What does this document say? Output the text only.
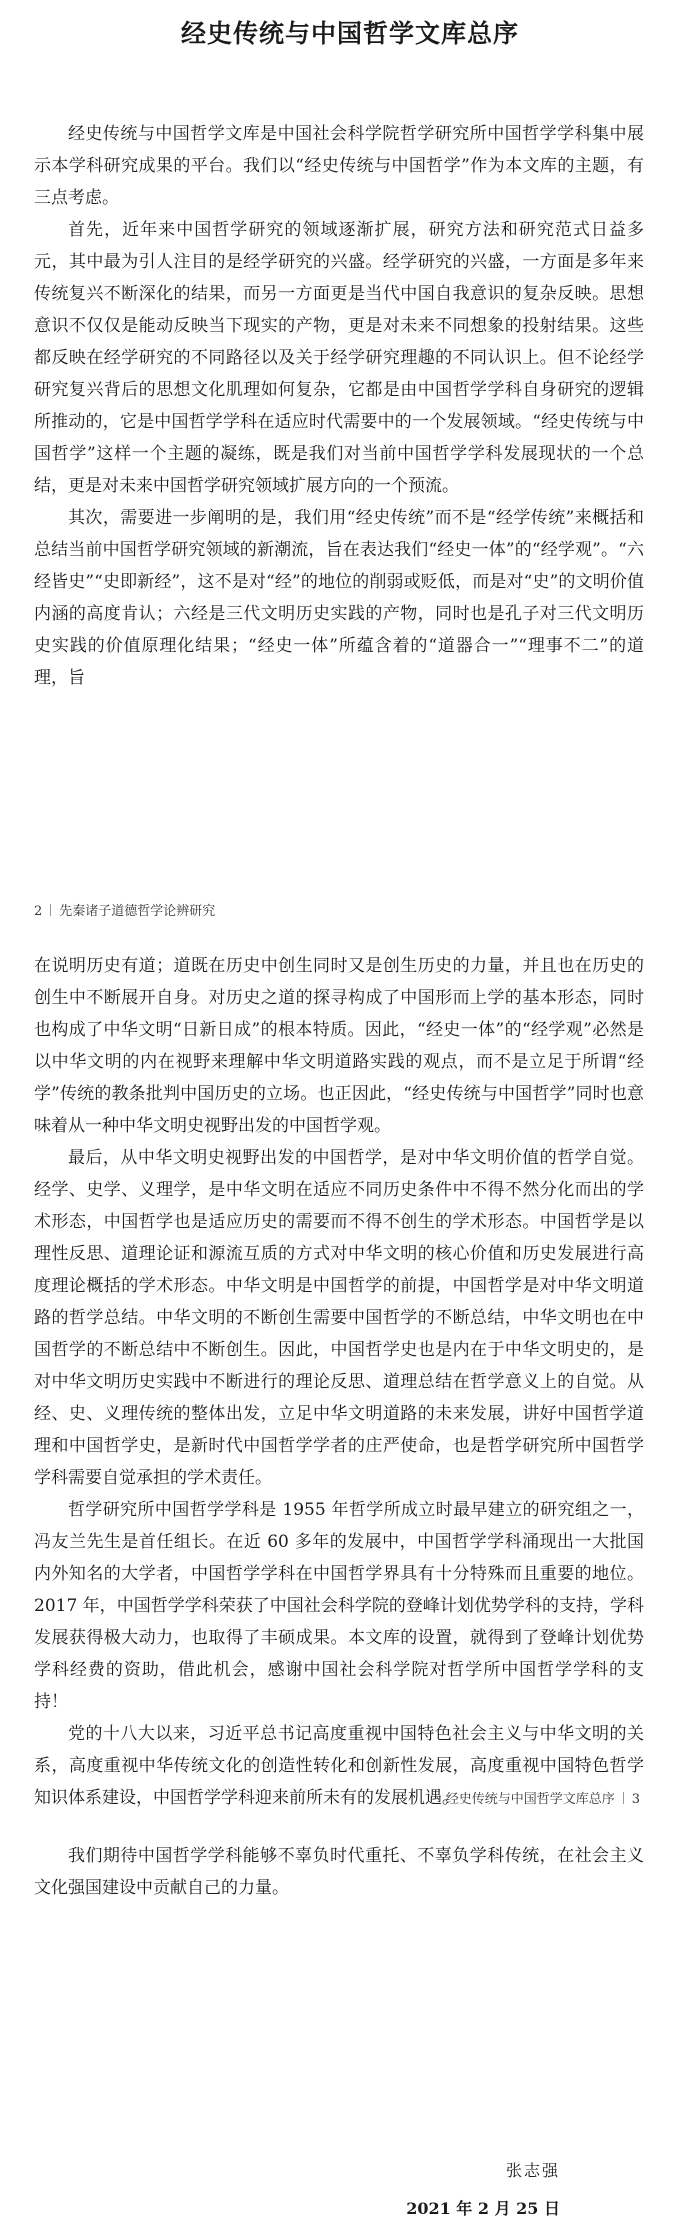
经史传统与中国哲学文库总序

经史传统与中国哲学文库是中国社会科学院哲学研究所中国哲学学科集中展示本学科研究成果的平台。我们以“经史传统与中国哲学”作为本文库的主题，有三点考虑。

首先，近年来中国哲学研究的领域逐渐扩展，研究方法和研究范式日益多元，其中最为引人注目的是经学研究的兴盛。经学研究的兴盛，一方面是多年来传统复兴不断深化的结果，而另一方面更是当代中国自我意识的复杂反映。思想意识不仅仅是能动反映当下现实的产物，更是对未来不同想象的投射结果。这些都反映在经学研究的不同路径以及关于经学研究理趣的不同认识上。但不论经学研究复兴背后的思想文化肌理如何复杂，它都是由中国哲学学科自身研究的逻辑所推动的，它是中国哲学学科在适应时代需要中的一个发展领域。“经史传统与中国哲学”这样一个主题的凝练，既是我们对当前中国哲学学科发展现状的一个总结，更是对未来中国哲学研究领域扩展方向的一个预流。

其次，需要进一步阐明的是，我们用“经史传统”而不是“经学传统”来概括和总结当前中国哲学研究领域的新潮流，旨在表达我们“经史一体”的“经学观”。“六经皆史”“史即新经”，这不是对“经”的地位的削弱或贬低，而是对“史”的文明价值内涵的高度肯认；六经是三代文明历史实践的产物，同时也是孔子对三代文明历史实践的价值原理化结果；“经史一体”所蕴含着的“道器合一”“理事不二”的道理，旨

2 先秦诸子道德哲学论辨研究

在说明历史有道；道既在历史中创生同时又是创生历史的力量，并且也在历史的创生中不断展开自身。对历史之道的探寻构成了中国形而上学的基本形态，同时也构成了中华文明“日新日成”的根本特质。因此，“经史一体”的“经学观”必然是以中华文明的内在视野来理解中华文明道路实践的观点，而不是立足于所谓“经学”传统的教条批判中国历史的立场。也正因此，“经史传统与中国哲学”同时也意味着从一种中华文明史视野出发的中国哲学观。

最后，从中华文明史视野出发的中国哲学，是对中华文明价值的哲学自觉。经学、史学、义理学，是中华文明在适应不同历史条件中不得不然分化而出的学术形态，中国哲学也是适应历史的需要而不得不创生的学术形态。中国哲学是以理性反思、道理论证和源流互质的方式对中华文明的核心价值和历史发展进行高度理论概括的学术形态。中华文明是中国哲学的前提，中国哲学是对中华文明道路的哲学总结。中华文明的不断创生需要中国哲学的不断总结，中华文明也在中国哲学的不断总结中不断创生。因此，中国哲学史也是内在于中华文明史的，是对中华文明历史实践中不断进行的理论反思、道理总结在哲学意义上的自觉。从经、史、义理传统的整体出发，立足中华文明道路的未来发展，讲好中国哲学道理和中国哲学史，是新时代中国哲学学者的庄严使命，也是哲学研究所中国哲学学科需要自觉承担的学术责任。

哲学研究所中国哲学学科是 1955 年哲学所成立时最早建立的研究组之一，冯友兰先生是首任组长。在近 60 多年的发展中，中国哲学学科涌现出一大批国内外知名的大学者，中国哲学学科在中国哲学界具有十分特殊而且重要的地位。2017 年，中国哲学学科荣获了中国社会科学院的登峰计划优势学科的支持，学科发展获得极大动力，也取得了丰硕成果。本文库的设置，就得到了登峰计划优势学科经费的资助，借此机会，感谢中国社会科学院对哲学所中国哲学学科的支持！

党的十八大以来，习近平总书记高度重视中国特色社会主义与中华文明的关系，高度重视中华传统文化的创造性转化和创新性发展，高度重视中国特色哲学知识体系建设，中国哲学学科迎来前所未有的发展机遇。

经史传统与中国哲学文库总序 3

我们期待中国哲学学科能够不辜负时代重托、不辜负学科传统，在社会主义文化强国建设中贡献自己的力量。

张志强
2021 年 2 月 25 日
